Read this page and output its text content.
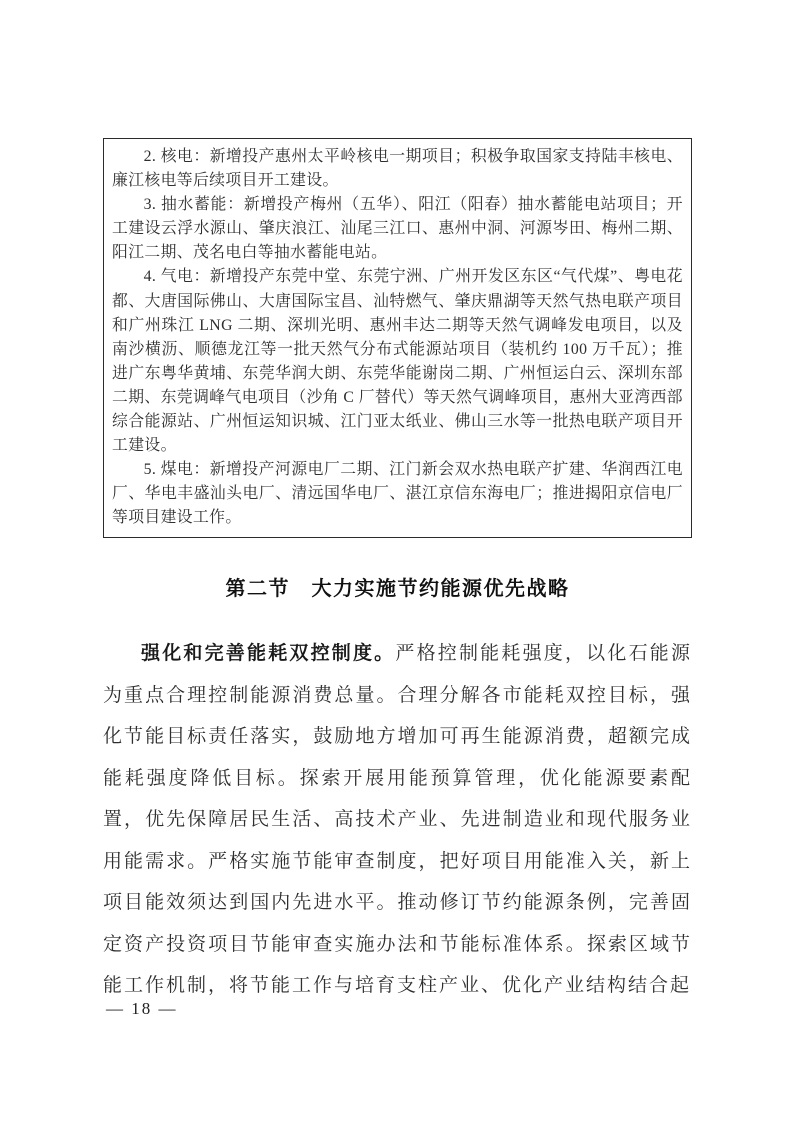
2. 核电：新增投产惠州太平岭核电一期项目；积极争取国家支持陆丰核电、廉江核电等后续项目开工建设。

3. 抽水蓄能：新增投产梅州（五华）、阳江（阳春）抽水蓄能电站项目；开工建设云浮水源山、肇庆浪江、汕尾三江口、惠州中洞、河源岑田、梅州二期、阳江二期、茂名电白等抽水蓄能电站。

4. 气电：新增投产东莞中堂、东莞宁洲、广州开发区东区“气代煤”、粤电花都、大唐国际佛山、大唐国际宝昌、汕特燃气、肇庆鼎湖等天然气热电联产项目和广州珠江 LNG 二期、深圳光明、惠州丰达二期等天然气调峰发电项目，以及南沙横沥、顺德龙江等一批天然气分布式能源站项目（装机约 100 万千瓦）；推进广东粤华黄埔、东莞华润大朗、东莞华能谢岗二期、广州恒运白云、深圳东部二期、东莞调峰气电项目（沙角 C 厂替代）等天然气调峰项目，惠州大亚湾西部综合能源站、广州恒运知识城、江门亚太纸业、佛山三水等一批热电联产项目开工建设。

5. 煤电：新增投产河源电厂二期、江门新会双水热电联产扩建、华润西江电厂、华电丰盛汕头电厂、清远国华电厂、湛江京信东海电厂；推进揭阳京信电厂等项目建设工作。

第二节　大力实施节约能源优先战略

强化和完善能耗双控制度。严格控制能耗强度，以化石能源为重点合理控制能源消费总量。合理分解各市能耗双控目标，强化节能目标责任落实，鼓励地方增加可再生能源消费，超额完成能耗强度降低目标。探索开展用能预算管理，优化能源要素配置，优先保障居民生活、高技术产业、先进制造业和现代服务业用能需求。严格实施节能审查制度，把好项目用能准入关，新上项目能效须达到国内先进水平。推动修订节约能源条例，完善固定资产投资项目节能审查实施办法和节能标准体系。探索区域节能工作机制，将节能工作与培育支柱产业、优化产业结构结合起

— 18 —
